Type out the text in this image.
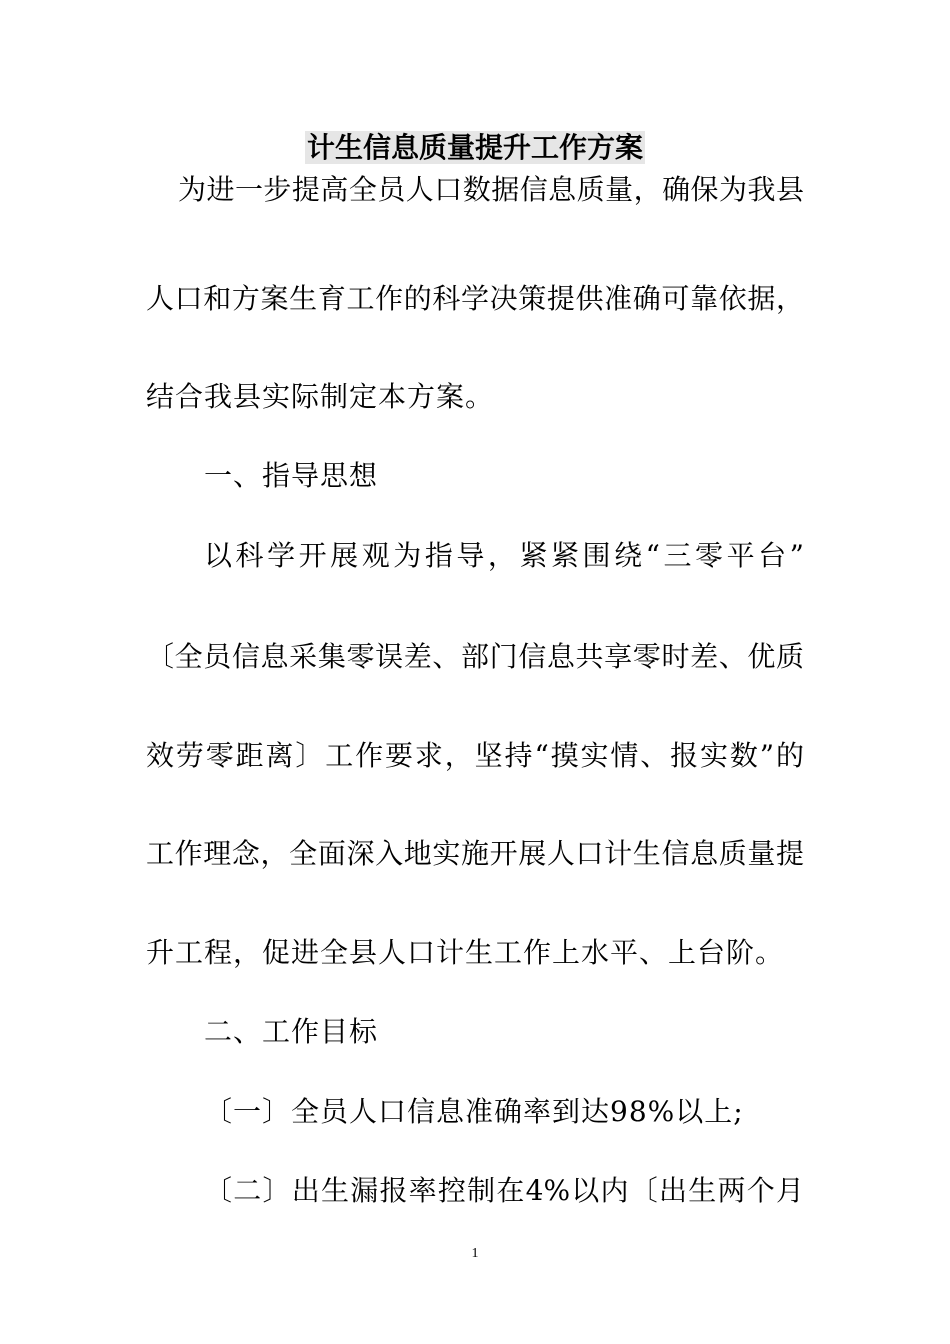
计生信息质量提升工作方案
为进一步提高全员人口数据信息质量，确保为我县
人口和方案生育工作的科学决策提供准确可靠依据，
结合我县实际制定本方案。
一、指导思想
以科学开展观为指导，紧紧围绕“三零平台”
〔全员信息采集零误差、部门信息共享零时差、优质
效劳零距离〕工作要求，坚持“摸实情、报实数”的
工作理念，全面深入地实施开展人口计生信息质量提
升工程，促进全县人口计生工作上水平、上台阶。
二、工作目标
〔一〕全员人口信息准确率到达98%以上;
〔二〕出生漏报率控制在4%以内〔出生两个月
1
